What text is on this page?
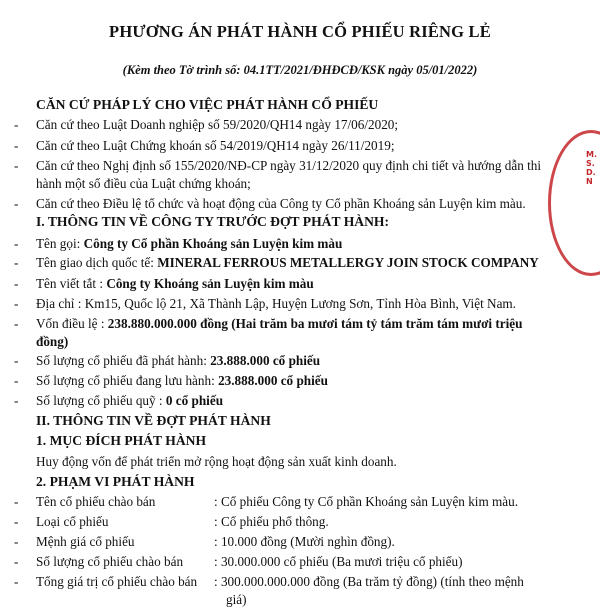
PHƯƠNG ÁN PHÁT HÀNH CỔ PHIẾU RIÊNG LẺ
(Kèm theo Tờ trình số: 04.1TT/2021/ĐHĐCĐ/KSK ngày 05/01/2022)
CĂN CỨ PHÁP LÝ CHO VIỆC PHÁT HÀNH CỔ PHIẾU
- Căn cứ theo Luật Doanh nghiệp số 59/2020/QH14 ngày 17/06/2020;
- Căn cứ theo Luật Chứng khoán số 54/2019/QH14 ngày 26/11/2019;
- Căn cứ theo Nghị định số 155/2020/NĐ-CP ngày 31/12/2020 quy định chi tiết và hướng dẫn thi
hành một số điều của Luật chứng khoán;
- Căn cứ theo Điều lệ tổ chức và hoạt động của Công ty Cổ phần Khoáng sản Luyện kim màu.
I. THÔNG TIN VỀ CÔNG TY TRƯỚC ĐỢT PHÁT HÀNH:
- Tên gọi: Công ty Cổ phần Khoáng sản Luyện kim màu
- Tên giao dịch quốc tế: MINERAL FERROUS METALLERGY JOIN STOCK COMPANY
- Tên viết tắt : Công ty Khoáng sản Luyện kim màu
- Địa chỉ : Km15, Quốc lộ 21, Xã Thành Lập, Huyện Lương Sơn, Tỉnh Hòa Bình, Việt Nam.
- Vốn điều lệ : 238.880.000.000 đồng (Hai trăm ba mươi tám tỷ tám trăm tám mươi triệu
đồng)
- Số lượng cổ phiếu đã phát hành: 23.888.000 cổ phiếu
- Số lượng cổ phiếu đang lưu hành: 23.888.000 cổ phiếu
- Số lượng cổ phiếu quỹ : 0 cổ phiếu
II. THÔNG TIN VỀ ĐỢT PHÁT HÀNH
1. MỤC ĐÍCH PHÁT HÀNH
Huy động vốn để phát triển mở rộng hoạt động sản xuất kinh doanh.
2. PHẠM VI PHÁT HÀNH
- Tên cổ phiếu chào bán	: Cổ phiếu Công ty Cổ phần Khoáng sản Luyện kim màu.
- Loại cổ phiếu	: Cổ phiếu phổ thông.
- Mệnh giá cổ phiếu	: 10.000 đồng (Mười nghìn đồng).
- Số lượng cổ phiếu chào bán : 30.000.000 cổ phiếu (Ba mươi triệu cổ phiếu)
- Tổng giá trị cổ phiếu chào bán : 300.000.000.000 đồng (Ba trăm tỷ đồng) (tính theo mệnh
giá)
M.S.D.N
